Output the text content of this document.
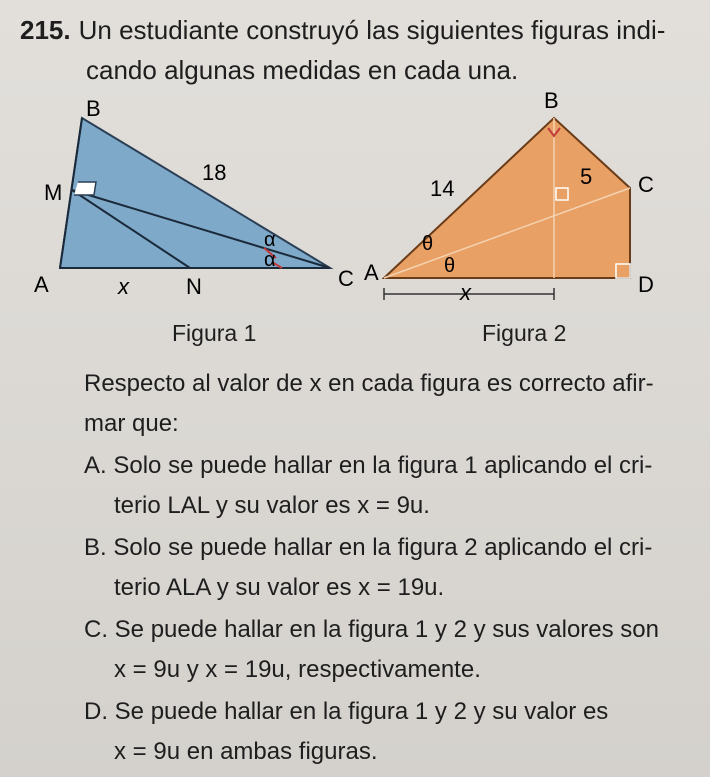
215. Un estudiante construyó las siguientes figuras indi-
cando algunas medidas en cada una.
B
M
A	x	N	C
18
α
α
B
C
A	D
14	5
θ
θ
x
Figura 1	Figura 2
Respecto al valor de x en cada figura es correcto afir-
mar que:
A. Solo se puede hallar en la figura 1 aplicando el cri-
terio LAL y su valor es x = 9u.
B. Solo se puede hallar en la figura 2 aplicando el cri-
terio ALA y su valor es x = 19u.
C. Se puede hallar en la figura 1 y 2 y sus valores son
x = 9u y x = 19u, respectivamente.
D. Se puede hallar en la figura 1 y 2 y su valor es
x = 9u en ambas figuras.
